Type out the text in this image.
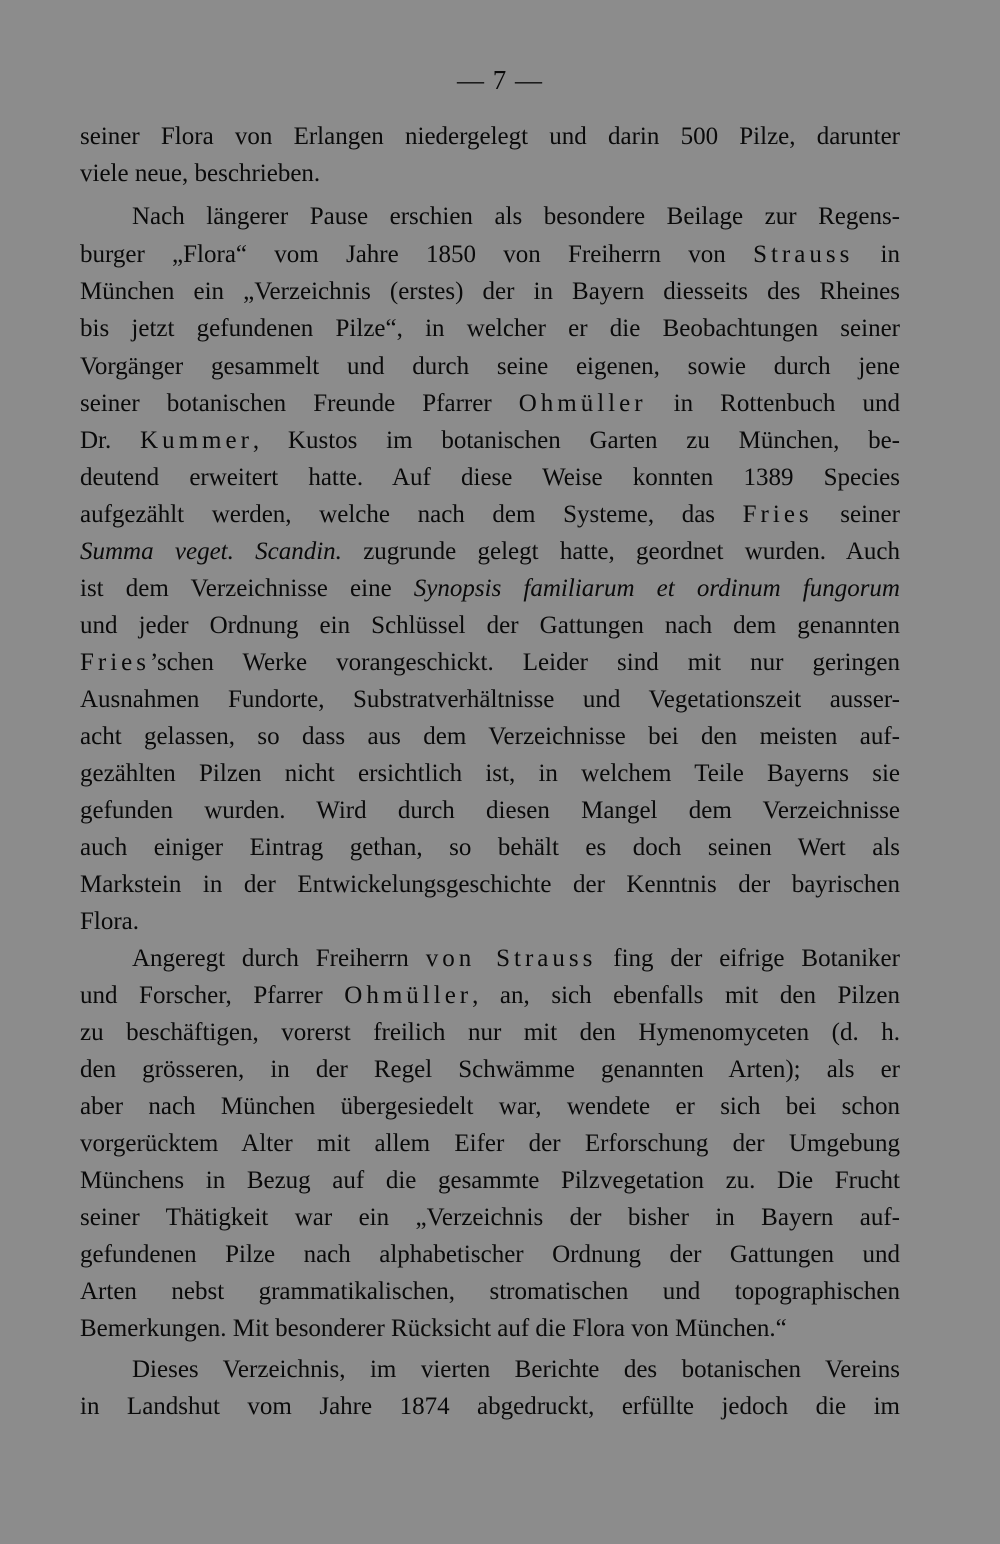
— 7 —
seiner Flora von Erlangen niedergelegt und darin 500 Pilze, darunter
viele neue, beschrieben.
Nach längerer Pause erschien als besondere Beilage zur Regens-
burger „Flora“ vom Jahre 1850 von Freiherrn von Strauss in
München ein „Verzeichnis (erstes) der in Bayern diesseits des Rheines
bis jetzt gefundenen Pilze“, in welcher er die Beobachtungen seiner
Vorgänger gesammelt und durch seine eigenen, sowie durch jene
seiner botanischen Freunde Pfarrer Ohmüller in Rottenbuch und
Dr. Kummer, Kustos im botanischen Garten zu München, be-
deutend erweitert hatte. Auf diese Weise konnten 1389 Species
aufgezählt werden, welche nach dem Systeme, das Fries seiner
Summa veget. Scandin. zugrunde gelegt hatte, geordnet wurden. Auch
ist dem Verzeichnisse eine Synopsis familiarum et ordinum fungorum
und jeder Ordnung ein Schlüssel der Gattungen nach dem genannten
Fries’schen Werke vorangeschickt. Leider sind mit nur geringen
Ausnahmen Fundorte, Substratverhältnisse und Vegetationszeit ausser-
acht gelassen, so dass aus dem Verzeichnisse bei den meisten auf-
gezählten Pilzen nicht ersichtlich ist, in welchem Teile Bayerns sie
gefunden wurden. Wird durch diesen Mangel dem Verzeichnisse
auch einiger Eintrag gethan, so behält es doch seinen Wert als
Markstein in der Entwickelungsgeschichte der Kenntnis der bayrischen
Flora.
Angeregt durch Freiherrn von Strauss fing der eifrige Botaniker
und Forscher, Pfarrer Ohmüller, an, sich ebenfalls mit den Pilzen
zu beschäftigen, vorerst freilich nur mit den Hymenomyceten (d. h.
den grösseren, in der Regel Schwämme genannten Arten); als er
aber nach München übergesiedelt war, wendete er sich bei schon
vorgerücktem Alter mit allem Eifer der Erforschung der Umgebung
Münchens in Bezug auf die gesammte Pilzvegetation zu. Die Frucht
seiner Thätigkeit war ein „Verzeichnis der bisher in Bayern auf-
gefundenen Pilze nach alphabetischer Ordnung der Gattungen und
Arten nebst grammatikalischen, stromatischen und topographischen
Bemerkungen. Mit besonderer Rücksicht auf die Flora von München.“
Dieses Verzeichnis, im vierten Berichte des botanischen Vereins
in Landshut vom Jahre 1874 abgedruckt, erfüllte jedoch die im
